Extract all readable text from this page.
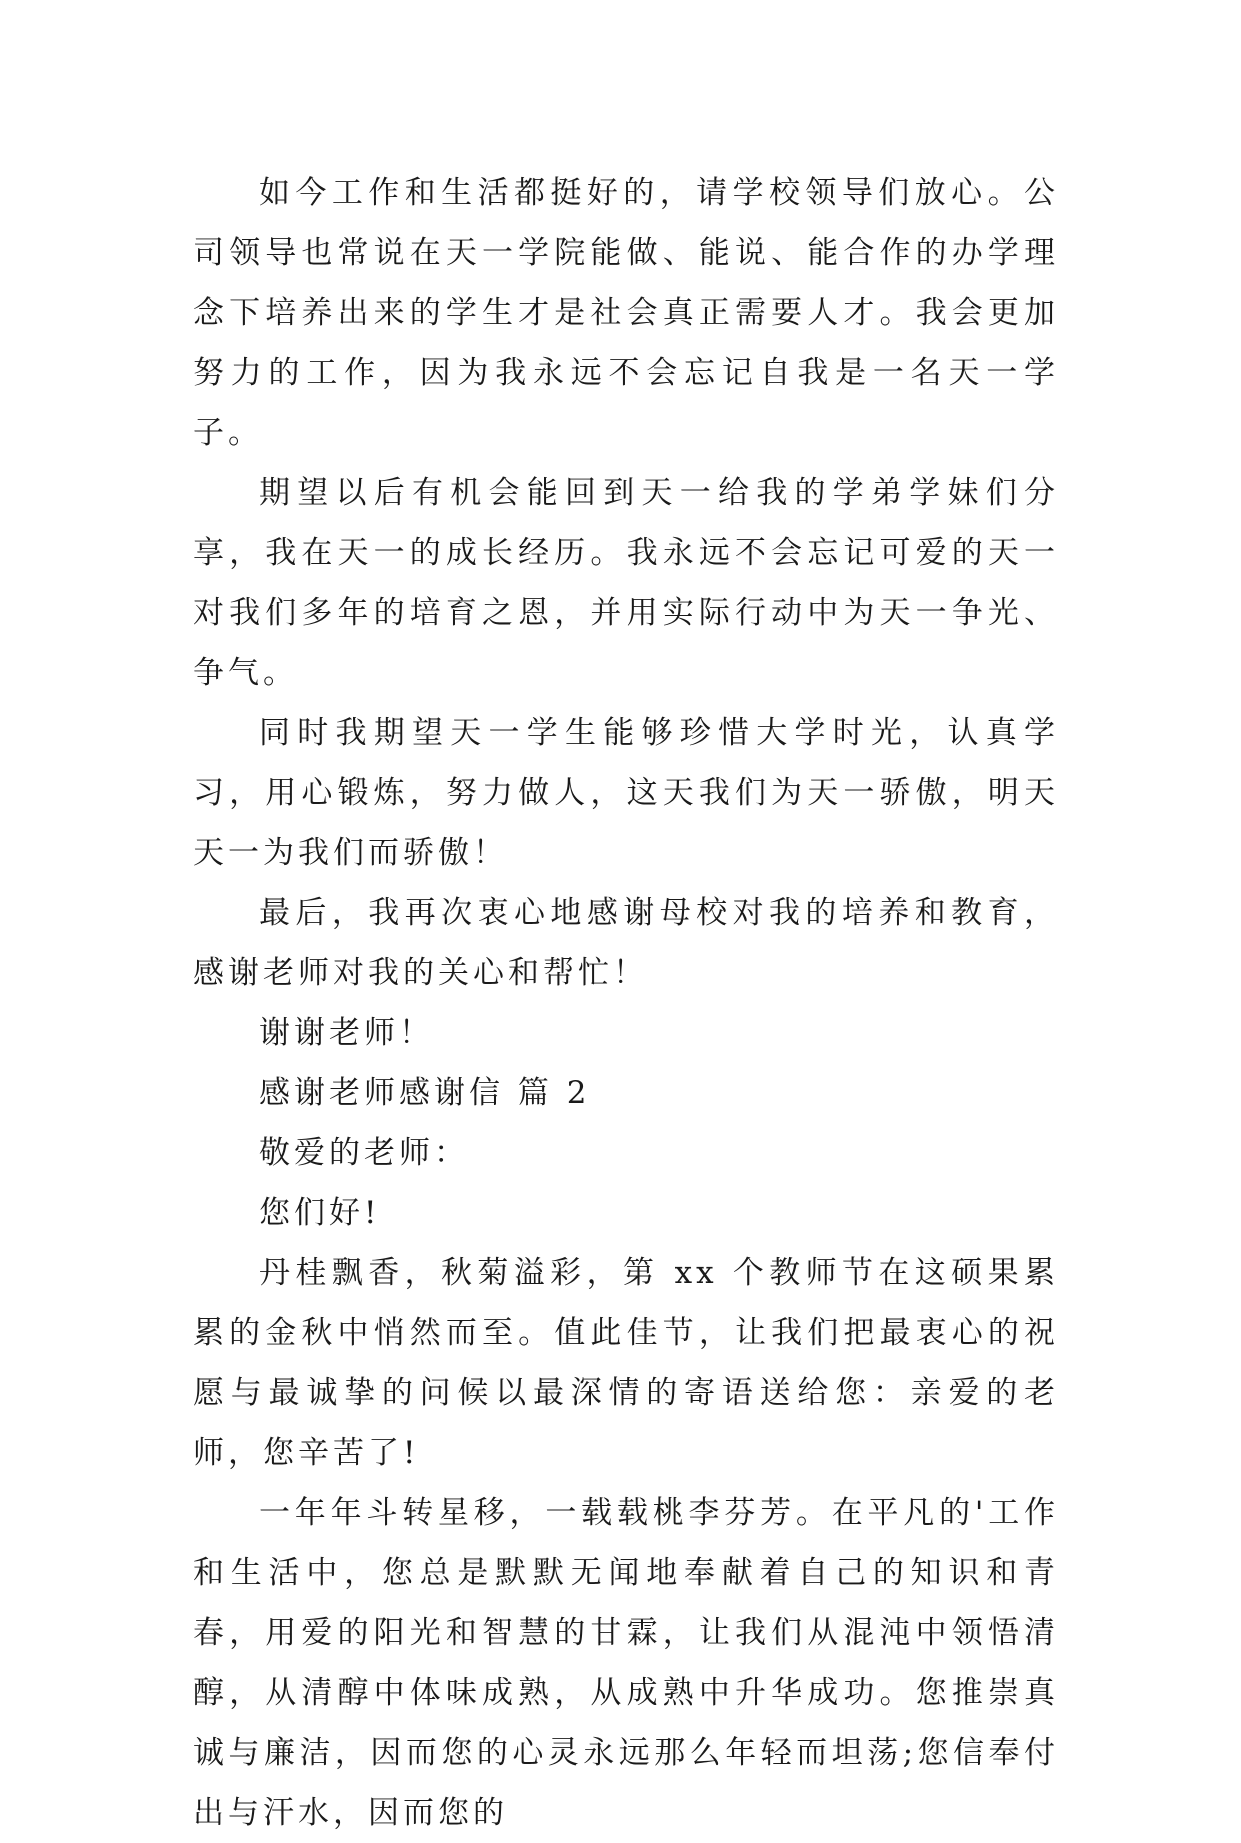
如今工作和生活都挺好的，请学校领导们放心。公司领导也常说在天一学院能做、能说、能合作的办学理念下培养出来的学生才是社会真正需要人才。我会更加努力的工作，因为我永远不会忘记自我是一名天一学子。

期望以后有机会能回到天一给我的学弟学妹们分享，我在天一的成长经历。我永远不会忘记可爱的天一对我们多年的培育之恩，并用实际行动中为天一争光、争气。

同时我期望天一学生能够珍惜大学时光，认真学习，用心锻炼，努力做人，这天我们为天一骄傲，明天天一为我们而骄傲！

最后，我再次衷心地感谢母校对我的培养和教育，感谢老师对我的关心和帮忙！

谢谢老师！

感谢老师感谢信 篇 2

敬爱的老师：

您们好!

丹桂飘香，秋菊溢彩，第 xx 个教师节在这硕果累累的金秋中悄然而至。值此佳节，让我们把最衷心的祝愿与最诚挚的问候以最深情的寄语送给您：亲爱的老师，您辛苦了!

一年年斗转星移，一载载桃李芬芳。在平凡的'工作和生活中，您总是默默无闻地奉献着自己的知识和青春，用爱的阳光和智慧的甘霖，让我们从混沌中领悟清醇，从清醇中体味成熟，从成熟中升华成功。您推崇真诚与廉洁，因而您的心灵永远那么年轻而坦荡;您信奉付出与汗水，因而您的
